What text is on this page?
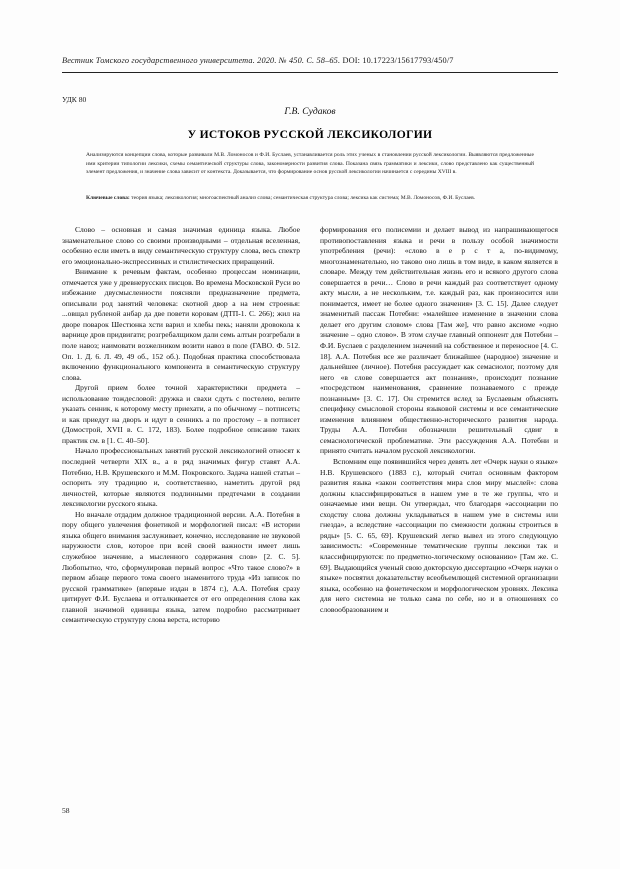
Вестник Томского государственного университета. 2020. № 450. С. 58–65. DOI: 10.17223/15617793/450/7
УДК 80
Г.В. Судаков
У ИСТОКОВ РУССКОЙ ЛЕКСИКОЛОГИИ
Анализируются концепции слова, которые развивали М.В. Ломоносов и Ф.И. Буслаев, устанавливается роль этих ученых в становлении русской лексикологии. Выявляются предложенные ими критерии типологии лексики, схемы семантической структуры слова, закономерности развития слова. Показана связь грамматики и лексики, слово представлено как существенный элемент предложения, и значение слова зависит от контекста. Доказывается, что формирование основ русской лексикологии начинается с середины XVIII в.
Ключевые слова: теория языка; лексикология; многоаспектный анализ слова; семантическая структура слова; лексика как система; М.В. Ломоносов, Ф.И. Буслаев.

Слово – основная и самая значимая единица языка. Любое знаменательное слово со своими производными – отдельная вселенная, особенно если иметь в виду семантическую структуру слова, весь спектр его эмоционально-экспрессивных и стилистических приращений.

Внимание к речевым фактам, особенно процессам номинации, отмечается уже у древнерусских писцов. Во времена Московской Руси во избежание двусмысленности поясняли предназначение предмета, описывали род занятий человека: скотной двор а на нем строенья: ...овщал рубленой анбар да две повети коровам (ДТП-1. С. 266); жил на дворе поварок Шестюнка хсти варил и хлебы пекь; наняли дровокола к варнице дров придвигати; розгребалщиком дали семь алтын розгребали в поле навоз; наимовати возжелником возити навоз в поле (ГАВО. Ф. 512. Оп. 1. Д. 6. Л. 49, 49 об., 152 об.). Подобная практика способствовала включению функционального компонента в семантическую структуру слова.

Другой прием более точной характеристики предмета – использование тождесловой: дружка и свахи сдуть с постелею, велите указать сенник, к которому месту приехати, а по обычному – потписеть; и как приедут на дворъ и идут в сенникъ а по простому – в потписет (Домострой, XVII в. С. 172, 183). Более подробное описание таких практик см. в [1. С. 40–50].

Начало профессиональных занятий русской лексикологией относят к последней четверти XIX в., а в ряд значимых фигур ставят А.А. Потебню, Н.В. Крушевского и М.М. Покровского. Задача нашей статьи – оспорить эту традицию и, соответственно, наметить другой ряд личностей, которые являются подлинными предтечами в создании лексикологии русского языка.

Но вначале отдадим должное традиционной версии. А.А. Потебня в пору общего увлечения фонетикой и морфологией писал: «В истории языка общего внимания заслуживает, конечно, исследование не звуковой наружности слов, которое при всей своей важности имеет лишь служебное значение, а мысленного содержания слов» [2. С. 5]. Любопытно, что, сформулировав первый вопрос «Что такое слово?» в первом абзаце первого тома своего знаменитого труда «Из записок по русской грамматике» (впервые издан в 1874 г.), А.А. Потебня сразу цитирует Ф.И. Буслаева и отталкивается от его определения слова как главной значимой единицы языка, затем подробно рассматривает семантическую структуру слова верста, историю

формирования его полисемии и делает вывод из напрашивающегося противопоставления языка и речи в пользу особой значимости употребления (речи): «слово в е р с т а, по-видимому, многознаменательно, но таково оно лишь в том виде, в каком является в словаре. Между тем действительная жизнь его и всякого другого слова совершается в речи… Слово в речи каждый раз соответствует одному акту мысли, а не нескольким, т.е. каждый раз, как произносится или понимается, имеет не более одного значения» [3. С. 15]. Далее следует знаменитый пассаж Потебни: «малейшее изменение в значении слова делает его другим словом» слова [Там же], что равно аксиоме «одно значение – одно слово». В этом случае главный оппонент для Потебни – Ф.И. Буслаев с разделением значений на собственное и переносное [4. С. 18]. А.А. Потебня все же различает ближайшее (народное) значение и дальнейшее (личное). Потебня рассуждает как семасиолог, поэтому для него «в слове совершается акт познания», происходит познание «посредством наименования, сравнение познаваемого с прежде познанным» [3. С. 17]. Он стремится вслед за Буслаевым объяснять специфику смысловой стороны языковой системы и все семантические изменения влиянием общественно-исторического развития народа. Труды А.А. Потебни обозначили решительный сдвиг в семасиологической проблематике. Эти рассуждения А.А. Потебни и принято считать началом русской лексикологии.

Вспомним еще появившийся через девять лет «Очерк науки о языке» Н.В. Крушевского (1883 г.), который считал основным фактором развития языка «закон соответствия мира слов миру мыслей»: слова должны классифицироваться в нашем уме в те же группы, что и означаемые ими вещи. Он утверждал, что благодаря «ассоциации по сходству слова должны укладываться в нашем уме в системы или гнезда», а вследствие «ассоциации по смежности должны строиться в ряды» [5. С. 65, 69]. Крушевский легко вывел из этого следующую зависимость: «Современные тематические группы лексики так и классифицируются: по предметно-логическому основанию» [Там же. С. 69]. Выдающийся ученый свою докторскую диссертацию «Очерк науки о языке» посвятил доказательству всеобъемлющей системной организации языка, особенно на фонетическом и морфологическом уровнях. Лексика для него системна не только сама по себе, но и в отношениях со словообразованием и

58
